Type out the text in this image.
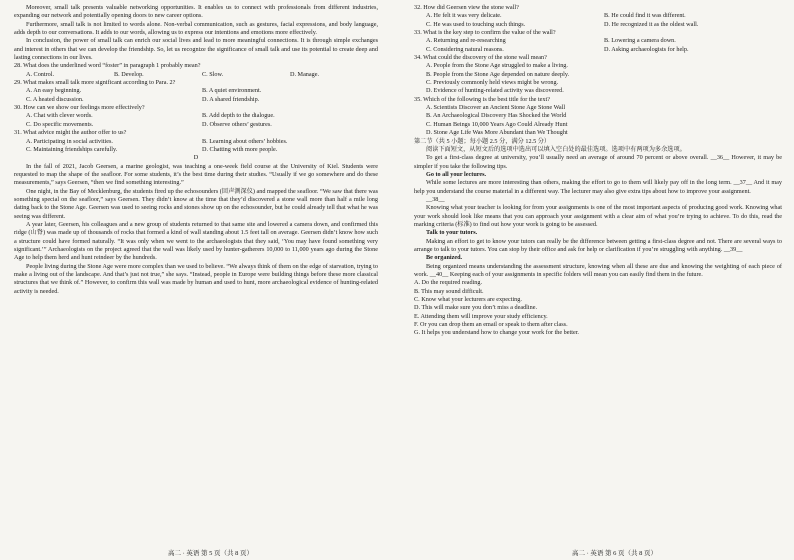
Moreover, small talk presents valuable networking opportunities. It enables us to connect with professionals from different industries, expanding our network and potentially opening doors to new career options.

Furthermore, small talk is not limited to words alone. Non-verbal communication, such as gestures, facial expressions, and body language, adds depth to our conversations. It adds to our words, allowing us to express our intentions and emotions more effectively.

In conclusion, the power of small talk can enrich our social lives and lead to more meaningful connections. It is through simple exchanges and interest in others that we can develop the friendship. So, let us recognize the significance of small talk and use its potential to create deep and lasting connections in our lives.

28. What does the underlined word “foster” in paragraph 1 probably mean?

A. Control.	B. Develop.	C. Slow.	D. Manage.

29. What makes small talk more significant according to Para. 2?

A. An easy beginning.	B. A quiet environment.
C. A heated discussion.	D. A shared friendship.

30. How can we show our feelings more effectively?

A. Chat with clever words.	B. Add depth to the dialogue.
C. Do specific movements.	D. Observe others’ gestures.

31. What advice might the author offer to us?

A. Participating in social activities.	B. Learning about others’ hobbies.
C. Maintaining friendships carefully.	D. Chatting with more people.

D

In the fall of 2021, Jacob Geersen, a marine geologist, was teaching a one-week field course at the University of Kiel. Students were requested to map the shape of the seafloor. For some students, it’s the best time during their studies. “Usually if we go somewhere and do these measurements,” says Geersen, “then we find something interesting.”

One night, in the Bay of Mecklenburg, the students fired up the echosounders (回声测深仪) and mapped the seafloor. “We saw that there was something special on the seafloor,” says Geersen. They didn’t know at the time that they’d discovered a stone wall more than half a mile long dating back to the Stone Age. Geersen was used to seeing rocks and stones show up on the echosounder, but he could already tell that what he was seeing was different.

A year later, Geersen, his colleagues and a new group of students returned to that same site and lowered a camera down, and confirmed this ridge (山脊) was made up of thousands of rocks that formed a kind of wall standing about 1.5 feet tall on average. Geersen didn’t know how such a structure could have formed naturally. “It was only when we went to the archaeologists that they said, ‘You may have found something very significant.’” Archaeologists on the project agreed that the wall was likely used by hunter-gatherers 10,000 to 11,000 years ago during the Stone Age to help them herd and hunt reindeer by the hundreds.

People living during the Stone Age were more complex than we used to believe. “We always think of them on the edge of starvation, trying to make a living out of the landscape. And that’s just not true,” she says. “Instead, people in Europe were building things before these more classical structures that we think of.” However, to confirm this wall was made by human and used to hunt, more archaeological evidence of hunting-related activity is needed.

32. How did Geersen view the stone wall?

A. He felt it was very delicate.	B. He could find it was different.
C. He was used to touching such things.	D. He recognized it as the oldest wall.

33. What is the key step to confirm the value of the wall?

A. Returning and re-researching	B. Lowering a camera down.
C. Considering natural reasons.	D. Asking archaeologists for help.

34. What could the discovery of the stone wall mean?

A. People from the Stone Age struggled to make a living.

B. People from the Stone Age depended on nature deeply.

C. Previously commonly held views might be wrong.

D. Evidence of hunting-related activity was discovered.

35. Which of the following is the best title for the text?

A. Scientists Discover an Ancient Stone Age Stone Wall

B. An Archaeological Discovery Has Shocked the World

C. Human Beings 10,000 Years Ago Could Already Hunt

D. Stone Age Life Was More Abundant than We Thought

第二节（共 5 小题；每小题 2.5 分，满分 12.5 分）

阅读下面短文，从短文后的选项中选出可以填入空白处的最佳选项。选项中有两项为多余选项。

To get a first-class degree at university, you’ll usually need an average of around 70 percent or above overall. __36__ However, it may be simpler if you take the following tips.

Go to all your lectures.

While some lectures are more interesting than others, making the effort to go to them will likely pay off in the long term. __37__ And it may help you understand the course material in a different way. The lecturer may also give extra tips about how to improve your assignment.

__38__

Knowing what your teacher is looking for from your assignments is one of the most important aspects of producing good work. Knowing what your work should look like means that you can approach your assignment with a clear aim of what you’re trying to achieve. To do this, read the marking criteria (标准) to find out how your work is going to be assessed.

Talk to your tutors.

Making an effort to get to know your tutors can really be the difference between getting a first-class degree and not. There are several ways to arrange to talk to your tutors. You can stop by their office and ask for help or clarification if you’re struggling with anything. __39__

Be organized.

Being organized means understanding the assessment structure, knowing when all these are due and knowing the weighting of each piece of work. __40__ Keeping each of your assignments in specific folders will mean you can easily find them in the future.

A. Do the required reading.

B. This may sound difficult.

C. Know what your lecturers are expecting.

D. This will make sure you don’t miss a deadline.

E. Attending them will improve your study efficiency.

F. Or you can drop them an email or speak to them after class.

G. It helps you understand how to change your work for the better.

高二 · 英语 第 5 页（共 8 页）	高二 · 英语 第 6 页（共 8 页）
